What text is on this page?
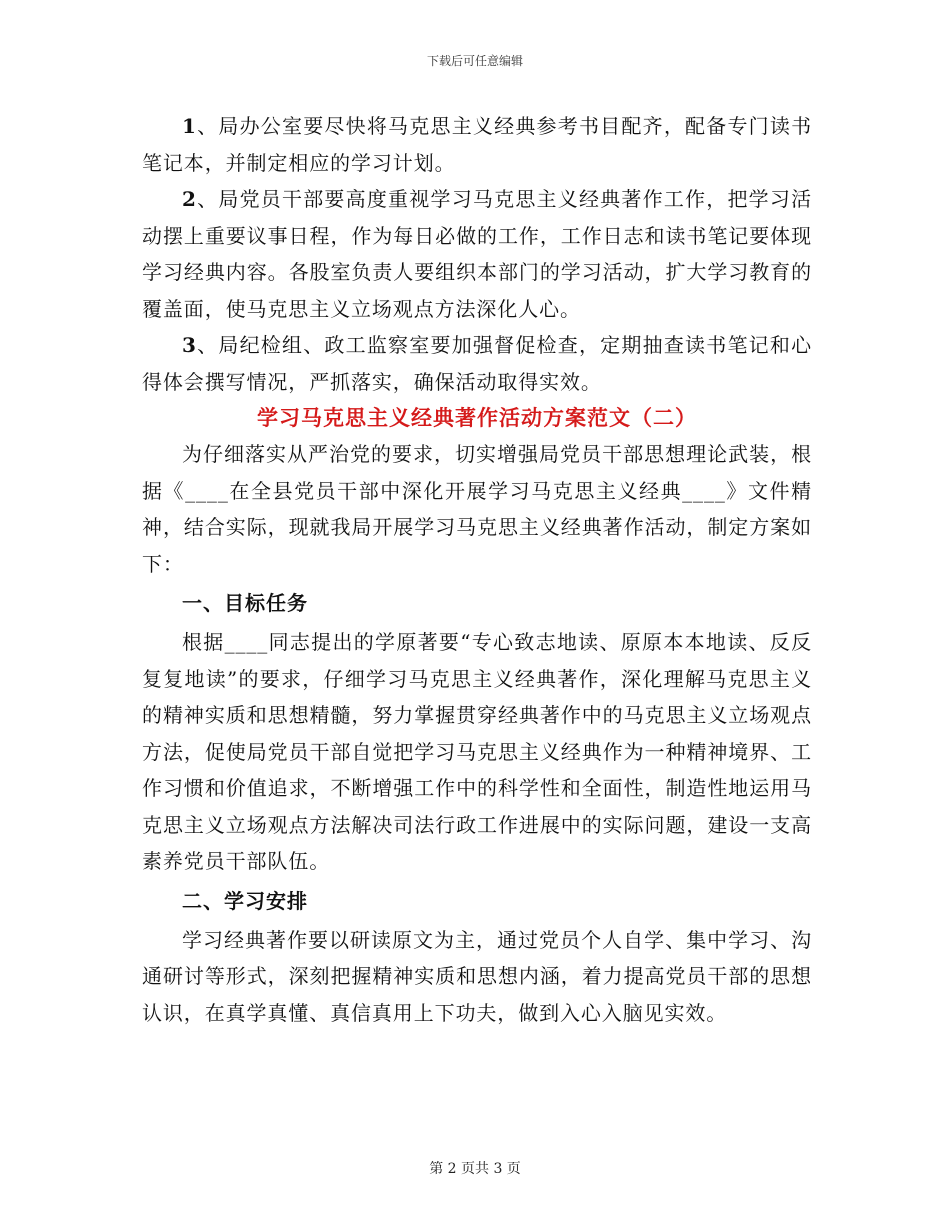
下载后可任意编辑

1、局办公室要尽快将马克思主义经典参考书目配齐，配备专门读书笔记本，并制定相应的学习计划。

2、局党员干部要高度重视学习马克思主义经典著作工作，把学习活动摆上重要议事日程，作为每日必做的工作，工作日志和读书笔记要体现学习经典内容。各股室负责人要组织本部门的学习活动，扩大学习教育的覆盖面，使马克思主义立场观点方法深化人心。

3、局纪检组、政工监察室要加强督促检查，定期抽查读书笔记和心得体会撰写情况，严抓落实，确保活动取得实效。

学习马克思主义经典著作活动方案范文（二）

为仔细落实从严治党的要求，切实增强局党员干部思想理论武装，根据《____在全县党员干部中深化开展学习马克思主义经典____》文件精神，结合实际，现就我局开展学习马克思主义经典著作活动，制定方案如下：

一、目标任务

根据____同志提出的学原著要“专心致志地读、原原本本地读、反反复复地读”的要求，仔细学习马克思主义经典著作，深化理解马克思主义的精神实质和思想精髓，努力掌握贯穿经典著作中的马克思主义立场观点方法，促使局党员干部自觉把学习马克思主义经典作为一种精神境界、工作习惯和价值追求，不断增强工作中的科学性和全面性，制造性地运用马克思主义立场观点方法解决司法行政工作进展中的实际问题，建设一支高素养党员干部队伍。

二、学习安排

学习经典著作要以研读原文为主，通过党员个人自学、集中学习、沟通研讨等形式，深刻把握精神实质和思想内涵，着力提高党员干部的思想认识，在真学真懂、真信真用上下功夫，做到入心入脑见实效。

第 2 页共 3 页
